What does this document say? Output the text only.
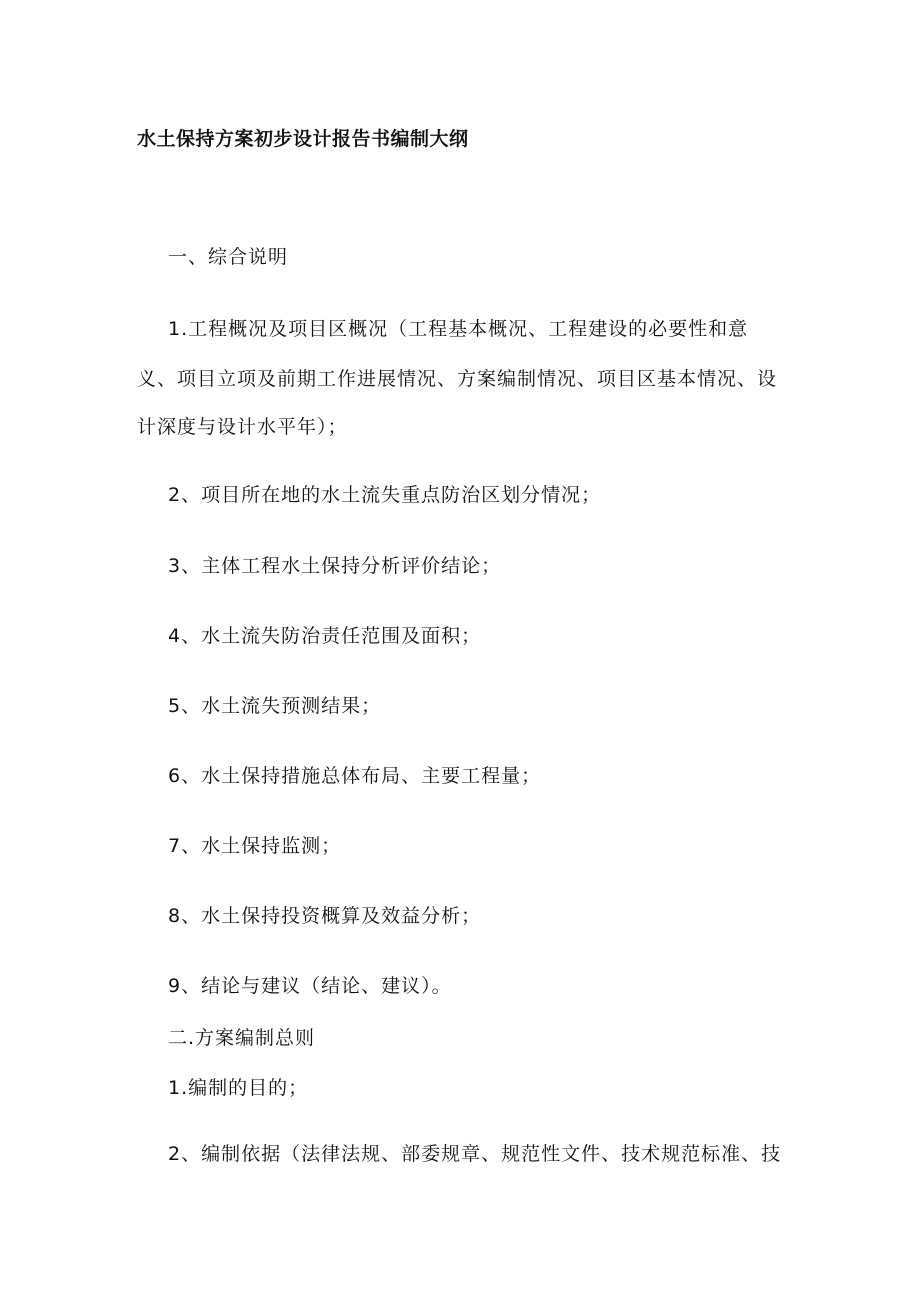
水土保持方案初步设计报告书编制大纲
一、综合说明
1.工程概况及项目区概况（工程基本概况、工程建设的必要性和意
义、项目立项及前期工作进展情况、方案编制情况、项目区基本情况、设
计深度与设计水平年）；
2、项目所在地的水土流失重点防治区划分情况；
3、主体工程水土保持分析评价结论；
4、水土流失防治责任范围及面积；
5、水土流失预测结果；
6、水土保持措施总体布局、主要工程量；
7、水土保持监测；
8、水土保持投资概算及效益分析；
9、结论与建议（结论、建议）。
二.方案编制总则
1.编制的目的；
2、编制依据（法律法规、部委规章、规范性文件、技术规范标准、技
